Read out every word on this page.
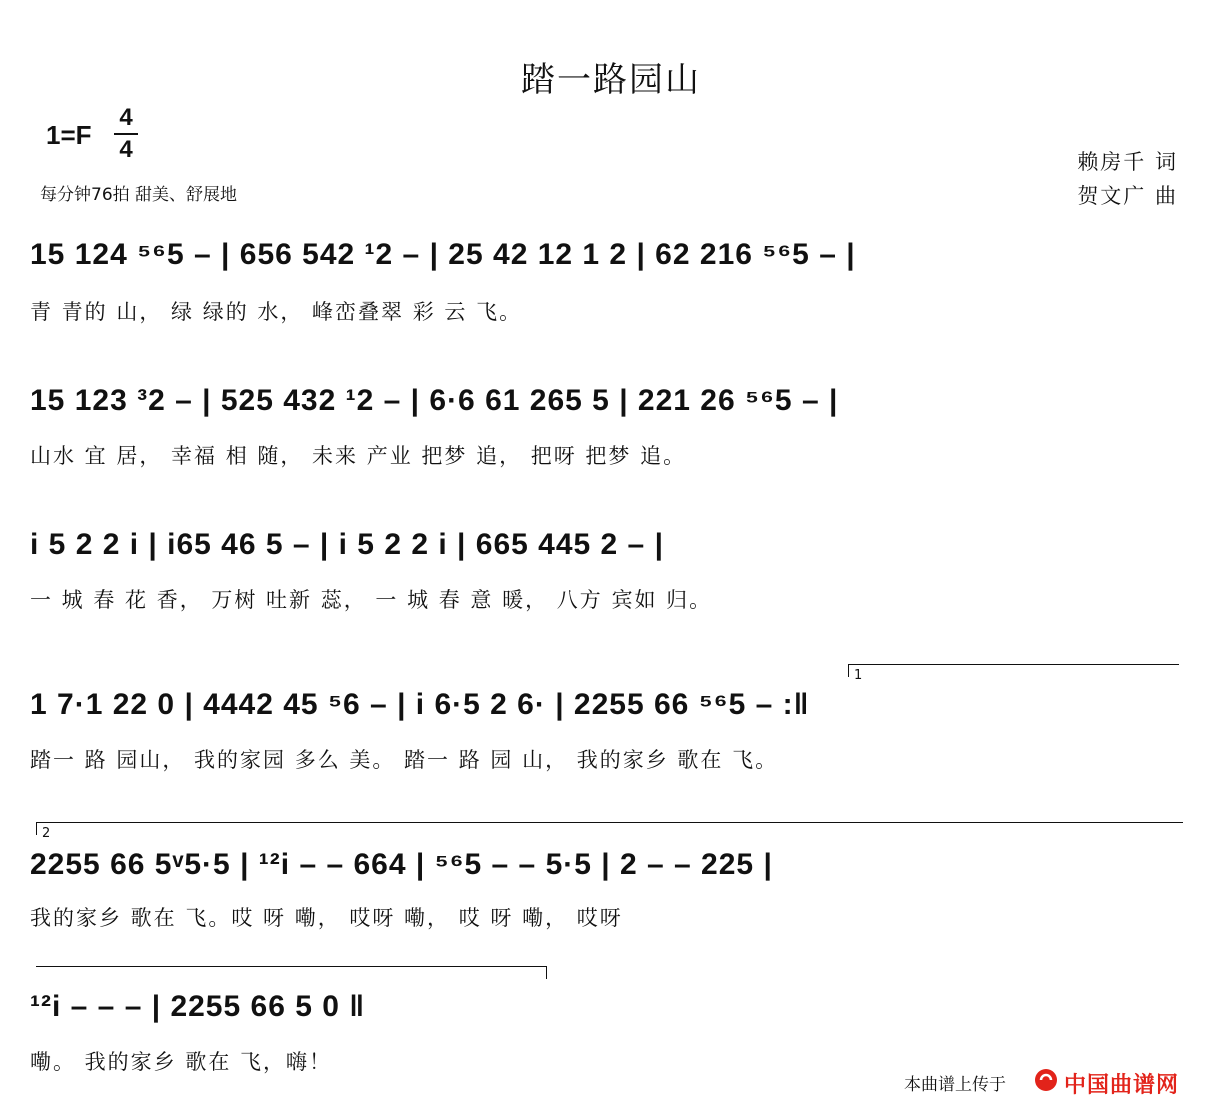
踏一路园山
1=F
4
4
每分钟76拍 甜美、舒展地
赖房千 词
贺文广 曲
15 124 ⁵⁶5 – | 656 542 ¹2 – | 25 42 12 1 2 | 62 216 ⁵⁶5 – |
青 青的 山， 绿 绿的 水， 峰峦叠翠 彩 云 飞。
15 123 ³2 – | 525 432 ¹2 – | 6·6 61 265 5 | 221 26 ⁵⁶5 – |
山水 宜 居， 幸福 相 随， 未来 产业 把梦 追， 把呀 把梦 追。
i 5 2 2 i | i65 46 5 – | i 5 2 2 i | 665 445 2 – |
一 城 春 花 香， 万树 吐新 蕊， 一 城 春 意 暖， 八方 宾如 归。
1
1 7·1 22 0 | 4442 45 ⁵6 – | i 6·5 2 6· | 2255 66 ⁵⁶5 – :‖
踏一 路 园山， 我的家园 多么 美。 踏一 路 园 山， 我的家乡 歌在 飞。
2
2255 66 5ᵛ5·5 | ¹²i – – 664 | ⁵⁶5 – – 5·5 | 2 – – 225 |
我的家乡 歌在 飞。哎 呀 嘞， 哎呀 嘞， 哎 呀 嘞， 哎呀
¹²i – – – | 2255 66 5 0 ‖
嘞。 我的家乡 歌在 飞，嗨！
本曲谱上传于	中国曲谱网
